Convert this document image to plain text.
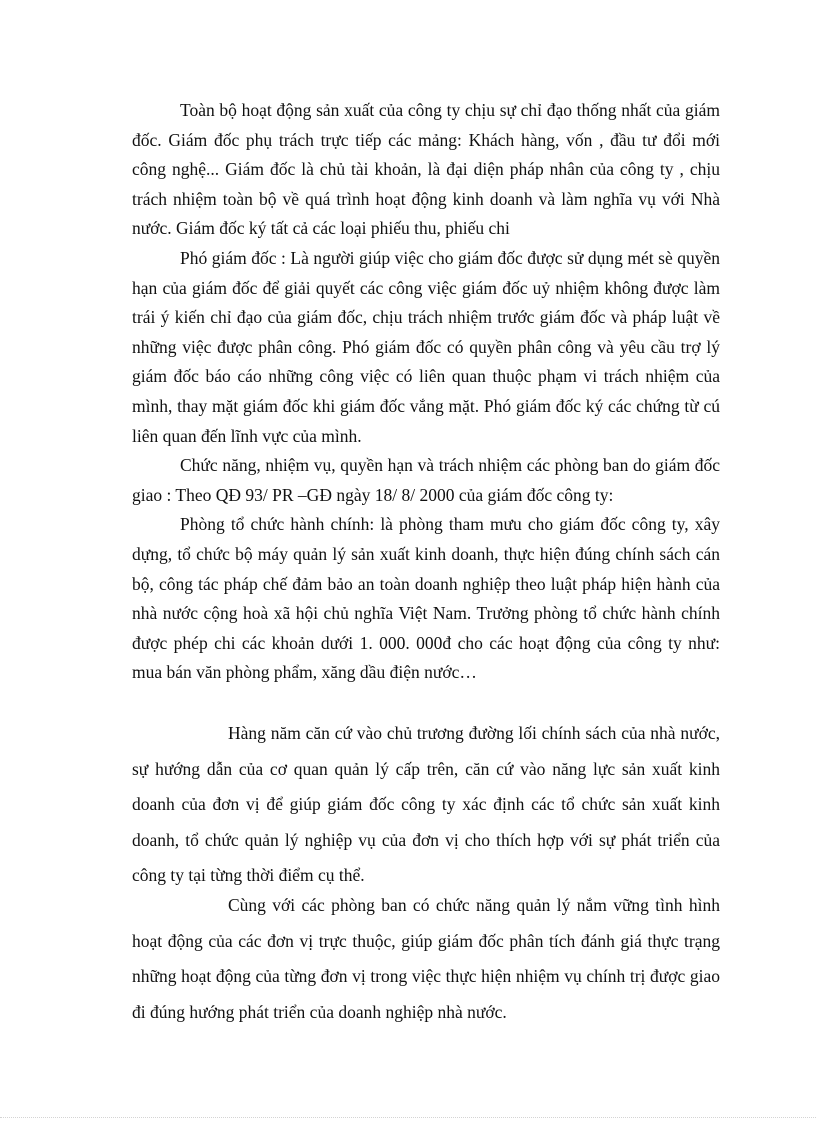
Toàn bộ hoạt động sản xuất của công ty chịu sự chỉ đạo thống nhất của giám đốc. Giám đốc phụ trách trực tiếp các mảng: Khách hàng, vốn , đầu tư đổi mới công nghệ... Giám đốc là chủ tài khoản, là đại diện pháp nhân của công ty , chịu trách nhiệm toàn bộ về quá trình hoạt động kinh doanh và làm nghĩa vụ với Nhà nước. Giám đốc ký tất cả các loại phiếu thu, phiếu chi

Phó giám đốc : Là người giúp việc cho giám đốc được sử dụng mét sè quyền hạn của giám đốc để giải quyết các công việc giám đốc uỷ nhiệm không được làm trái ý kiến chỉ đạo của giám đốc, chịu trách nhiệm trước giám đốc và pháp luật về những việc được phân công. Phó giám đốc có quyền phân công và yêu cầu trợ lý giám đốc báo cáo những công việc có liên quan thuộc phạm vi trách nhiệm của mình, thay mặt giám đốc khi giám đốc vắng mặt. Phó giám đốc ký các chứng từ cú liên quan đến lĩnh vực của mình.

Chức năng, nhiệm vụ, quyền hạn và trách nhiệm các phòng ban do giám đốc giao : Theo QĐ 93/ PR –GĐ ngày 18/ 8/ 2000 của giám đốc công ty:

Phòng tổ chức hành chính: là phòng tham mưu cho giám đốc công ty, xây dựng, tổ chức bộ máy quản lý sản xuất kinh doanh, thực hiện đúng chính sách cán bộ, công tác pháp chế đảm bảo an toàn doanh nghiệp theo luật pháp hiện hành của nhà nước cộng hoà xã hội chủ nghĩa Việt Nam. Trưởng phòng tổ chức hành chính được phép chi các khoản dưới 1. 000. 000đ cho các hoạt động của công ty như: mua bán văn phòng phẩm, xăng dầu điện nước…

Hàng năm căn cứ vào chủ trương đường lối chính sách của nhà nước, sự hướng dẫn của cơ quan quản lý cấp trên, căn cứ vào năng lực sản xuất kinh doanh của đơn vị để giúp giám đốc công ty xác định các tổ chức sản xuất kinh doanh, tổ chức quản lý nghiệp vụ của đơn vị cho thích hợp với sự phát triển của công ty tại từng thời điểm cụ thể.

Cùng với các phòng ban có chức năng quản lý nắm vững tình hình hoạt động của các đơn vị trực thuộc, giúp giám đốc phân tích đánh giá thực trạng những hoạt động của từng đơn vị trong việc thực hiện nhiệm vụ chính trị được giao đi đúng hướng phát triển của doanh nghiệp nhà nước.
